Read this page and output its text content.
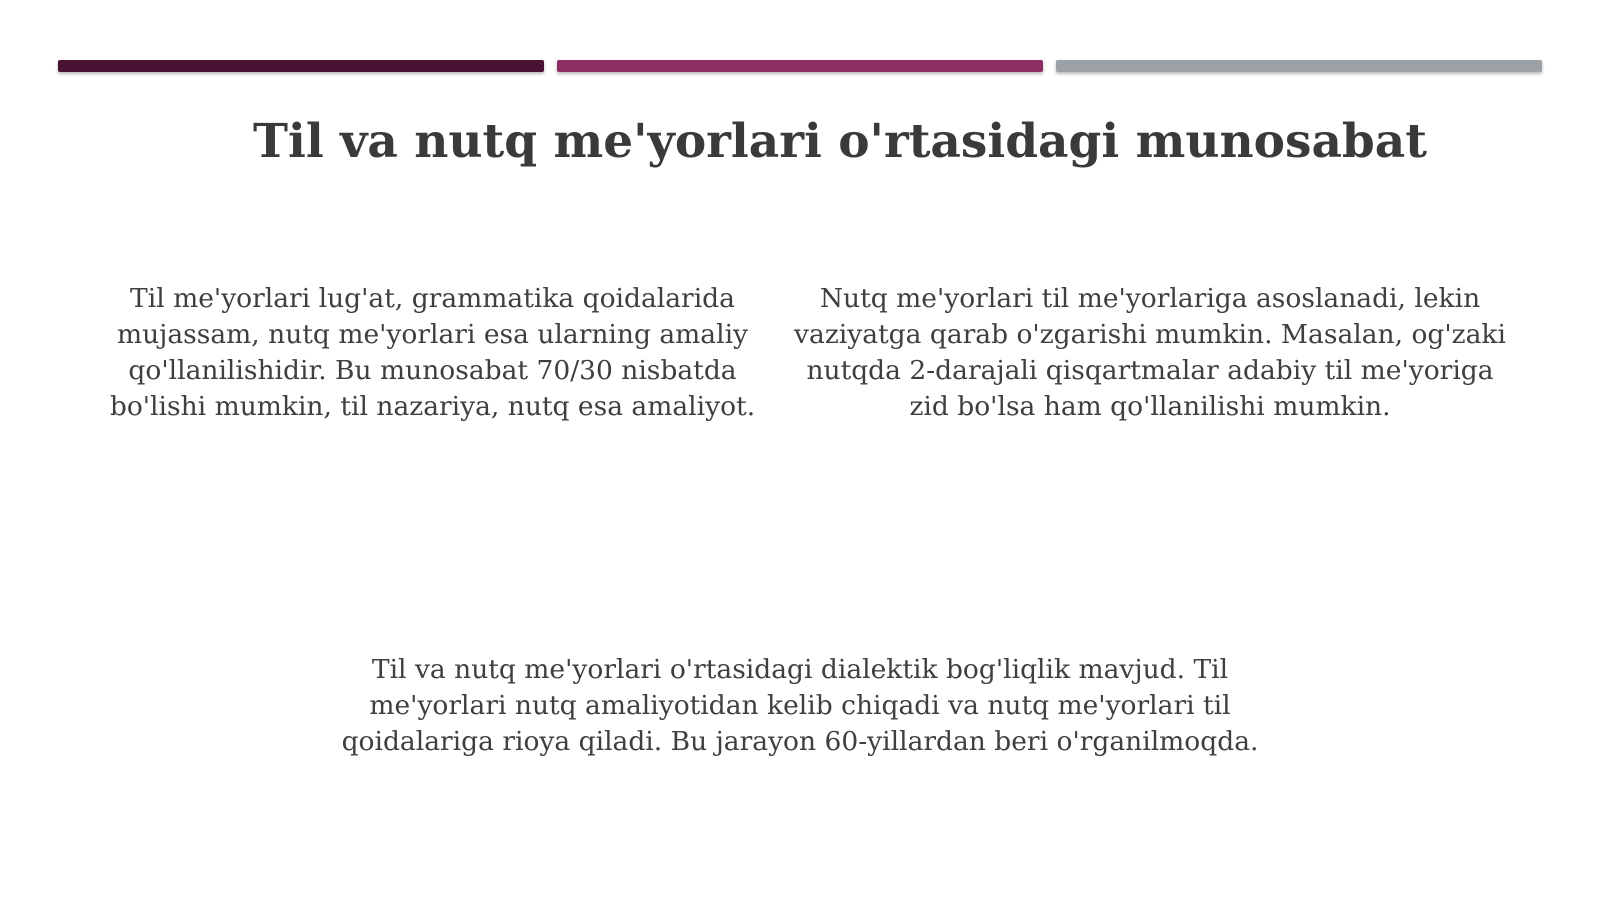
Til va nutq me'yorlari o'rtasidagi munosabat

Til me'yorlari lug'at, grammatika qoidalarida mujassam, nutq me'yorlari esa ularning amaliy qo'llanilishidir. Bu munosabat 70/30 nisbatda bo'lishi mumkin, til nazariya, nutq esa amaliyot.

Nutq me'yorlari til me'yorlariga asoslanadi, lekin vaziyatga qarab o'zgarishi mumkin. Masalan, og'zaki nutqda 2-darajali qisqartmalar adabiy til me'yoriga zid bo'lsa ham qo'llanilishi mumkin.

Til va nutq me'yorlari o'rtasidagi dialektik bog'liqlik mavjud. Til me'yorlari nutq amaliyotidan kelib chiqadi va nutq me'yorlari til qoidalariga rioya qiladi. Bu jarayon 60-yillardan beri o'rganilmoqda.
